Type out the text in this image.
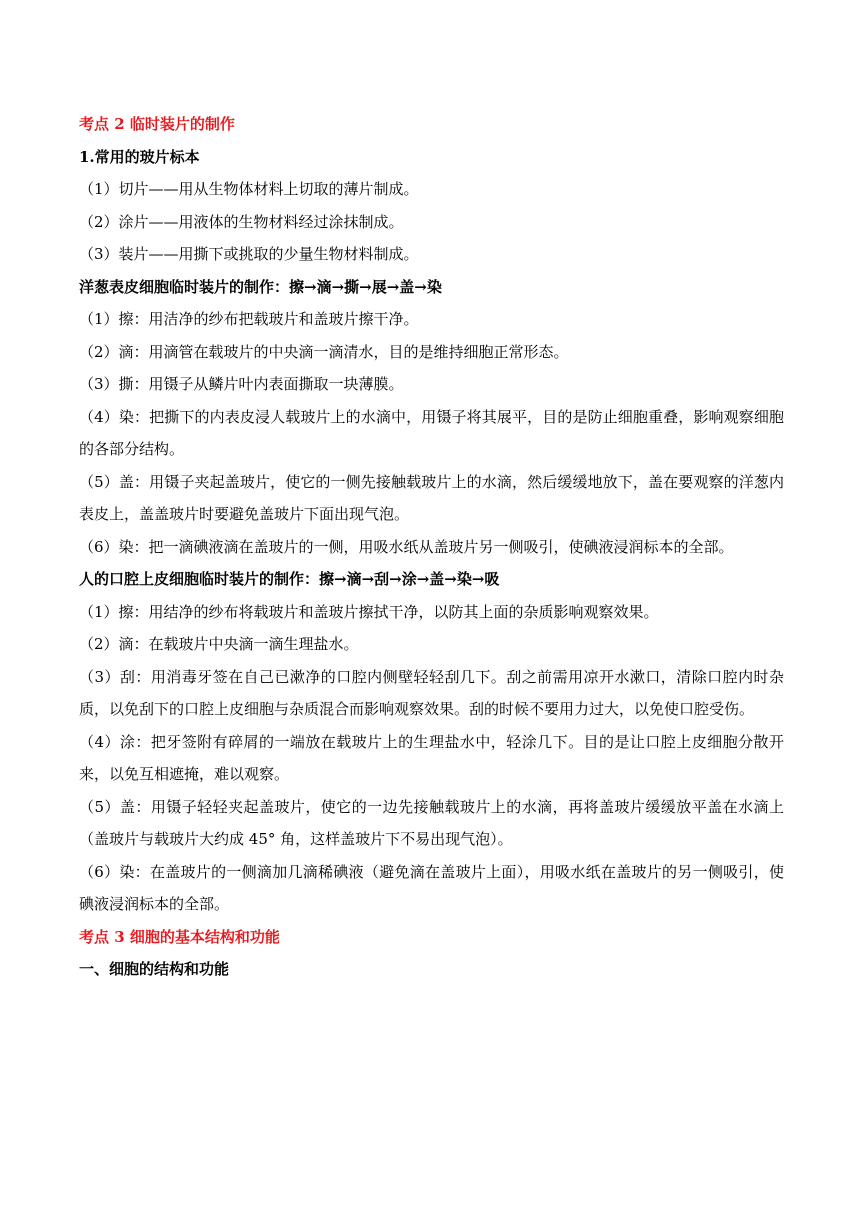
考点 2 临时装片的制作
1.常用的玻片标本
（1）切片——用从生物体材料上切取的薄片制成。
（2）涂片——用液体的生物材料经过涂抹制成。
（3）装片——用撕下或挑取的少量生物材料制成。
洋葱表皮细胞临时装片的制作：擦→滴→撕→展→盖→染
（1）擦：用洁净的纱布把载玻片和盖玻片擦干净。
（2）滴：用滴管在载玻片的中央滴一滴清水，目的是维持细胞正常形态。
（3）撕：用镊子从鳞片叶内表面撕取一块薄膜。
（4）染：把撕下的内表皮浸人载玻片上的水滴中，用镊子将其展平，目的是防止细胞重叠，影响观察细胞的各部分结构。
（5）盖：用镊子夹起盖玻片，使它的一侧先接触载玻片上的水滴，然后缓缓地放下，盖在要观察的洋葱内表皮上，盖盖玻片时要避免盖玻片下面出现气泡。
（6）染：把一滴碘液滴在盖玻片的一侧，用吸水纸从盖玻片另一侧吸引，使碘液浸润标本的全部。
人的口腔上皮细胞临时装片的制作：擦→滴→刮→涂→盖→染→吸
（1）擦：用结净的纱布将载玻片和盖玻片擦拭干净，以防其上面的杂质影响观察效果。
（2）滴：在载玻片中央滴一滴生理盐水。
（3）刮：用消毒牙签在自己已漱净的口腔内侧壁轻轻刮几下。刮之前需用凉开水漱口，清除口腔内时杂质，以免刮下的口腔上皮细胞与杂质混合而影响观察效果。刮的时候不要用力过大，以免使口腔受伤。
（4）涂：把牙签附有碎屑的一端放在载玻片上的生理盐水中，轻涂几下。目的是让口腔上皮细胞分散开来，以免互相遮掩，难以观察。
（5）盖：用镊子轻轻夹起盖玻片，使它的一边先接触载玻片上的水滴，再将盖玻片缓缓放平盖在水滴上（盖玻片与载玻片大约成 45° 角，这样盖玻片下不易出现气泡）。
（6）染：在盖玻片的一侧滴加几滴稀碘液（避免滴在盖玻片上面），用吸水纸在盖玻片的另一侧吸引，使碘液浸润标本的全部。
考点 3 细胞的基本结构和功能
一、细胞的结构和功能
